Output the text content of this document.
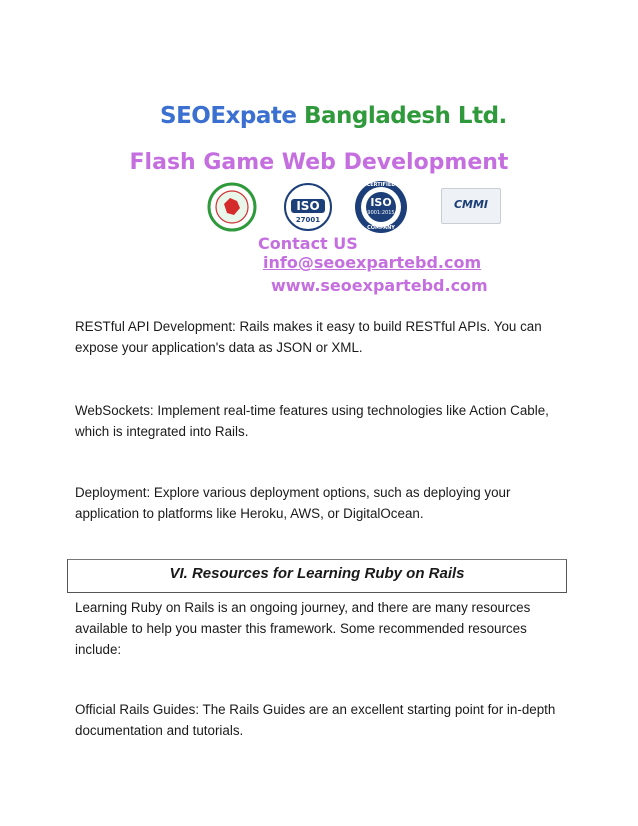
SEOExpate Bangladesh Ltd.
Flash Game Web Development
ISO
27001
CERTIFIED
ISO
9001:2015
COMPANY
CMMI
Contact US
info@seoexpartebd.com
www.seoexpartebd.com

RESTful API Development: Rails makes it easy to build RESTful APIs. You can expose your application's data as JSON or XML.

WebSockets: Implement real-time features using technologies like Action Cable, which is integrated into Rails.

Deployment: Explore various deployment options, such as deploying your application to platforms like Heroku, AWS, or DigitalOcean.

VI. Resources for Learning Ruby on Rails

Learning Ruby on Rails is an ongoing journey, and there are many resources available to help you master this framework. Some recommended resources include:

Official Rails Guides: The Rails Guides are an excellent starting point for in-depth documentation and tutorials.
